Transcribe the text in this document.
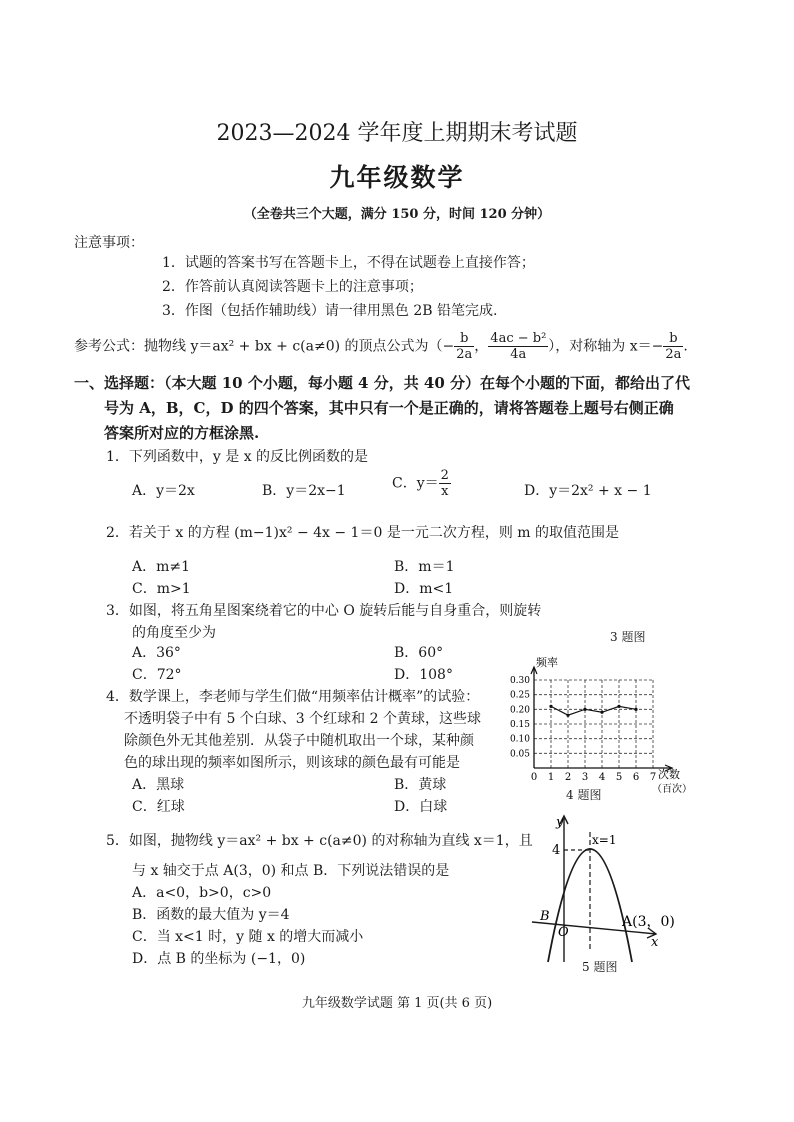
2023—2024 学年度上期期末考试题
九年级数学
（全卷共三个大题，满分 150 分，时间 120 分钟）
注意事项：
1．试题的答案书写在答题卡上，不得在试题卷上直接作答；
2．作答前认真阅读答题卡上的注意事项；
3．作图（包括作辅助线）请一律用黑色 2B 铅笔完成.
参考公式：抛物线 y＝ax² + bx + c(a≠0) 的顶点公式为（− $\frac{b}{2a}$ ， $\frac{\text{4ac − b²}}{4a}$ ），对称轴为 $x=- \frac{b}{2a}$ .
一、选择题：（本大题 10 个小题，每小题 4 分，共 40 分）在每个小题的下面，都给出了代
号为 A，B，C，D 的四个答案，其中只有一个是正确的，请将答题卷上题号右侧正确
答案所对应的方框涂黑.
1．下列函数中，y 是 x 的反比例函数的是
A．y＝2x	B．y＝2x−1	C．$y= \frac{2}{x}$	D．y＝2x² + x − 1
2．若关于 x 的方程 (m−1)x² − 4x − 1＝0 是一元二次方程，则 m 的取值范围是
A．m≠1	B．m＝1
C．m>1	D．m<1
3．如图，将五角星图案绕着它的中心 O 旋转后能与自身重合，则旋转
的角度至少为	3 题图
A．36°	B．60°
C．72°	D．108°
4．数学课上，李老师与学生们做“用频率估计概率”的试验：
不透明袋子中有 5 个白球、3 个红球和 2 个黄球，这些球
除颜色外无其他差别．从袋子中随机取出一个球，某种颜
色的球出现的频率如图所示，则该球的颜色最有可能是
A．黑球	B．黄球
C．红球	D．白球
0.05
0.10
0.15
0.20
0.25
0.30
0 1 2 3 4 5 6 7
频率
次数
（百次）
4 题图
5．如图，抛物线 y＝ax² + bx + c(a≠0) 的对称轴为直线 x＝1，且
与 x 轴交于点 A(3，0) 和点 B．下列说法错误的是
A．a<0，b>0，c>0
B．函数的最大值为 y＝4
C．当 x<1 时，y 随 x 的增大而减小
D．点 B 的坐标为 (−1，0)
y
4
x=1
B
O
A(3，0)
x
5 题图
九年级数学试题 第 1 页(共 6 页)
